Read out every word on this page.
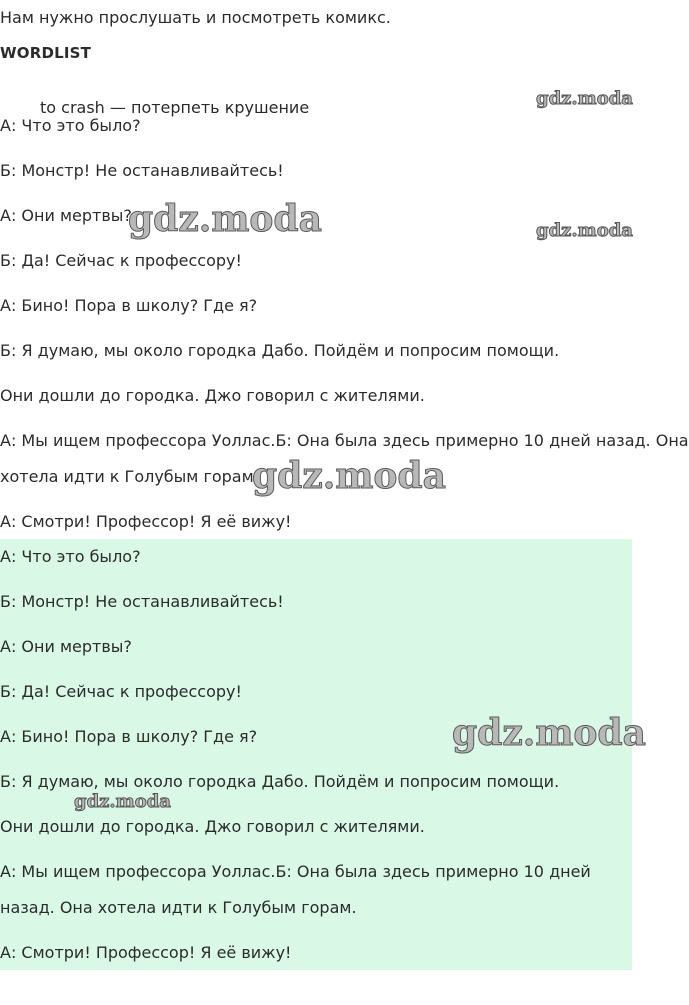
Нам нужно прослушать и посмотреть комикс.
WORDLIST
to crash — потерпеть крушение
А: Что это было?
Б: Монстр! Не останавливайтесь!
А: Они мертвы?
Б: Да! Сейчас к профессору!
А: Бино! Пора в школу? Где я?
Б: Я думаю, мы около городка Дабо. Пойдём и попросим помощи.
Они дошли до городка. Джо говорил с жителями.
А: Мы ищем профессора Уоллас.Б: Она была здесь примерно 10 дней назад. Она
хотела идти к Голубым горам.
А: Смотри! Профессор! Я её вижу!
А: Что это было?
Б: Монстр! Не останавливайтесь!
А: Они мертвы?
Б: Да! Сейчас к профессору!
А: Бино! Пора в школу? Где я?
Б: Я думаю, мы около городка Дабо. Пойдём и попросим помощи.
Они дошли до городка. Джо говорил с жителями.
А: Мы ищем профессора Уоллас.Б: Она была здесь примерно 10 дней
назад. Она хотела идти к Голубым горам.
А: Смотри! Профессор! Я её вижу!
gdz.moda
gdz.moda	gdz.moda
gdz.moda
gdz.moda
gdz.moda
